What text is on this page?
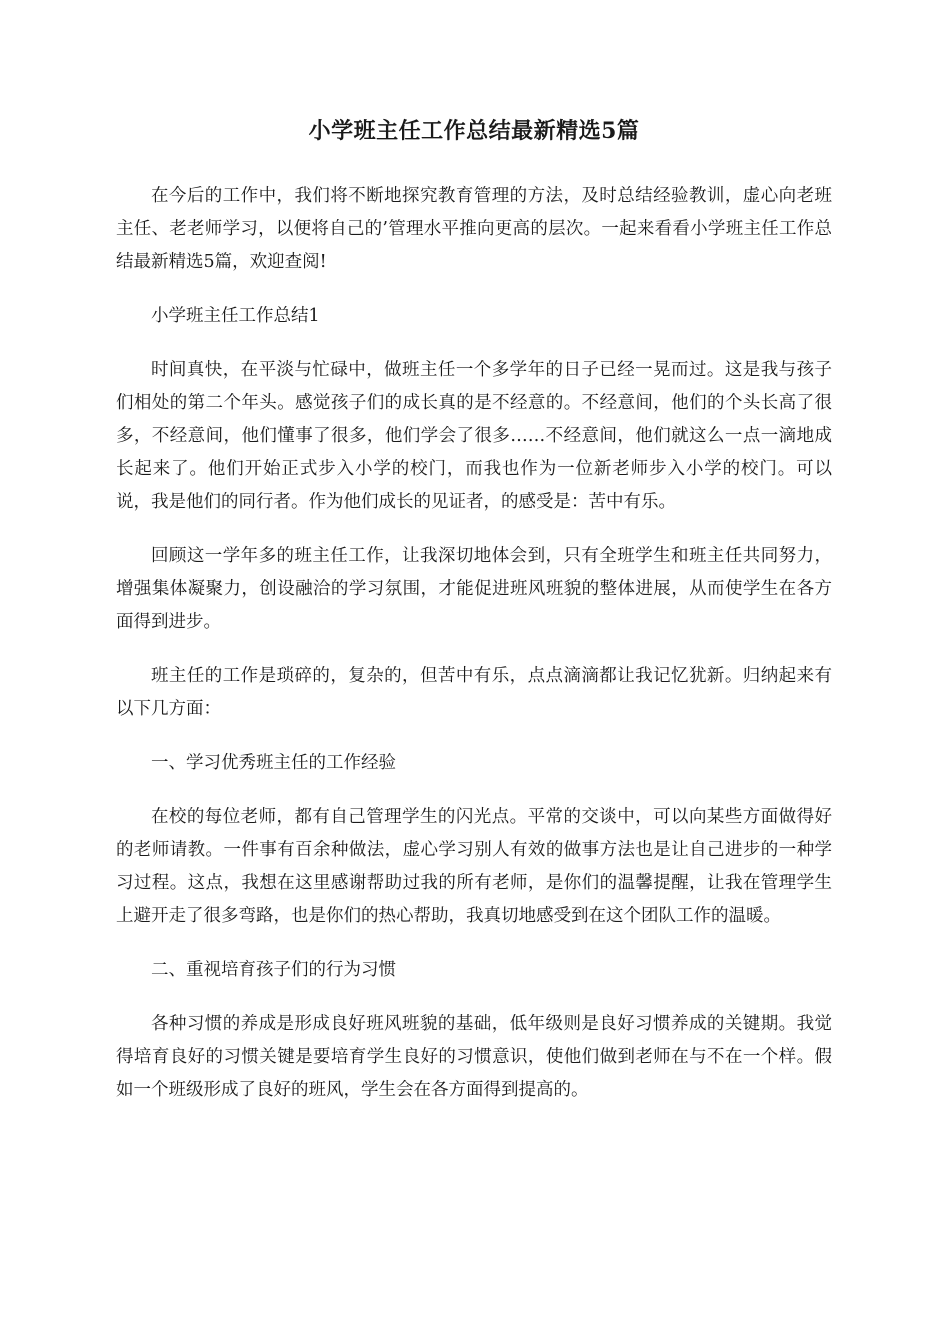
小学班主任工作总结最新精选5篇

在今后的工作中，我们将不断地探究教育管理的方法，及时总结经验教训，虚心向老班主任、老老师学习，以便将自己的’管理水平推向更高的层次。一起来看看小学班主任工作总结最新精选5篇，欢迎查阅!

小学班主任工作总结1

时间真快，在平淡与忙碌中，做班主任一个多学年的日子已经一晃而过。这是我与孩子们相处的第二个年头。感觉孩子们的成长真的是不经意的。不经意间，他们的个头长高了很多，不经意间，他们懂事了很多，他们学会了很多……不经意间，他们就这么一点一滴地成长起来了。他们开始正式步入小学的校门，而我也作为一位新老师步入小学的校门。可以说，我是他们的同行者。作为他们成长的见证者，的感受是：苦中有乐。

回顾这一学年多的班主任工作，让我深切地体会到，只有全班学生和班主任共同努力，增强集体凝聚力，创设融洽的学习氛围，才能促进班风班貌的整体进展，从而使学生在各方面得到进步。

班主任的工作是琐碎的，复杂的，但苦中有乐，点点滴滴都让我记忆犹新。归纳起来有以下几方面：

一、学习优秀班主任的工作经验

在校的每位老师，都有自己管理学生的闪光点。平常的交谈中，可以向某些方面做得好的老师请教。一件事有百余种做法，虚心学习别人有效的做事方法也是让自己进步的一种学习过程。这点，我想在这里感谢帮助过我的所有老师，是你们的温馨提醒，让我在管理学生上避开走了很多弯路，也是你们的热心帮助，我真切地感受到在这个团队工作的温暖。

二、重视培育孩子们的行为习惯

各种习惯的养成是形成良好班风班貌的基础，低年级则是良好习惯养成的关键期。我觉得培育良好的习惯关键是要培育学生良好的习惯意识，使他们做到老师在与不在一个样。假如一个班级形成了良好的班风，学生会在各方面得到提高的。
